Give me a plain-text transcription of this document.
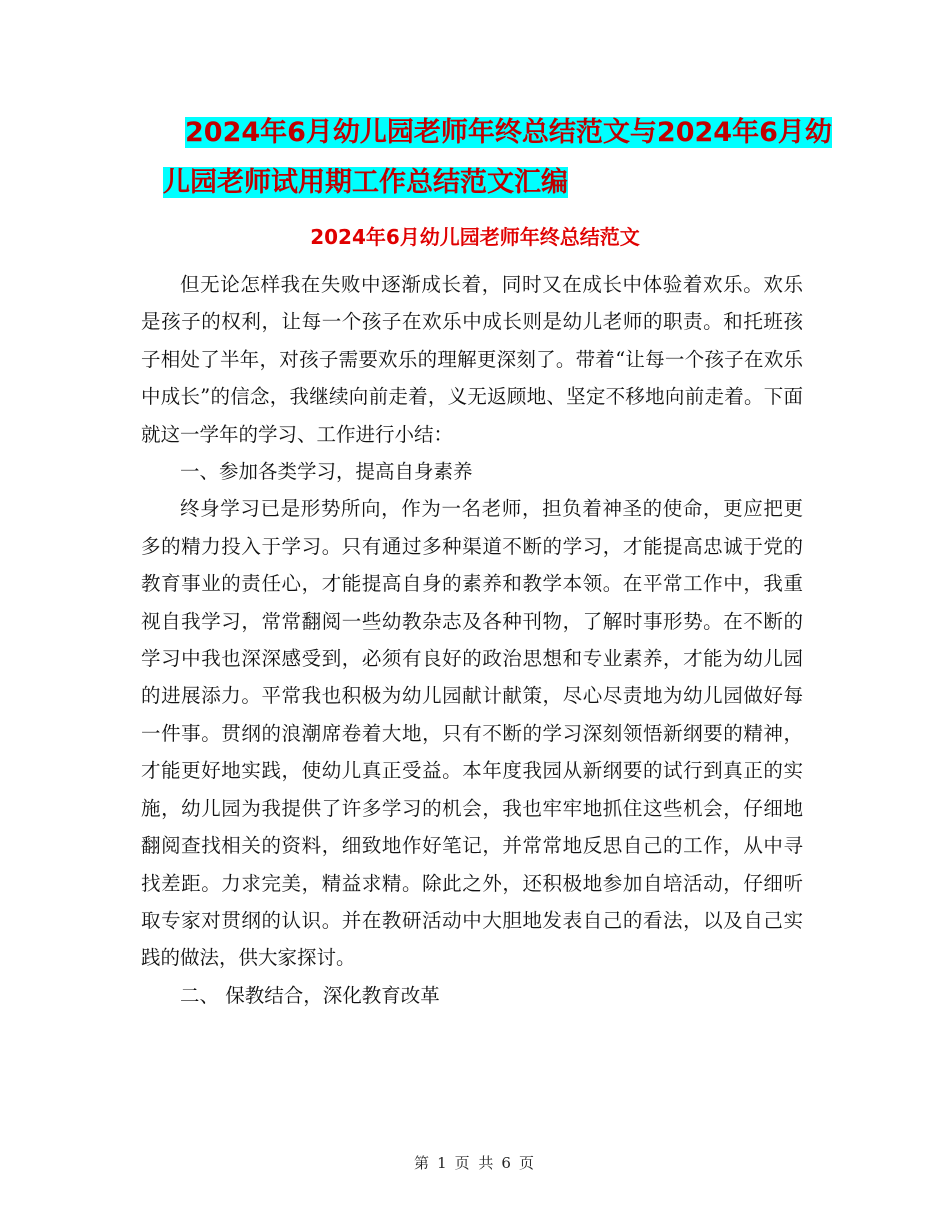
2024年6月幼儿园老师年终总结范文与2024年6月幼
儿园老师试用期工作总结范文汇编
2024年6月幼儿园老师年终总结范文

但无论怎样我在失败中逐渐成长着，同时又在成长中体验着欢乐。欢乐是孩子的权利，让每一个孩子在欢乐中成长则是幼儿老师的职责。和托班孩子相处了半年，对孩子需要欢乐的理解更深刻了。带着“让每一个孩子在欢乐中成长”的信念，我继续向前走着，义无返顾地、坚定不移地向前走着。下面就这一学年的学习、工作进行小结：

一、参加各类学习，提高自身素养

终身学习已是形势所向，作为一名老师，担负着神圣的使命，更应把更多的精力投入于学习。只有通过多种渠道不断的学习，才能提高忠诚于党的教育事业的责任心，才能提高自身的素养和教学本领。在平常工作中，我重视自我学习，常常翻阅一些幼教杂志及各种刊物，了解时事形势。在不断的学习中我也深深感受到，必须有良好的政治思想和专业素养，才能为幼儿园的进展添力。平常我也积极为幼儿园献计献策，尽心尽责地为幼儿园做好每一件事。贯纲的浪潮席卷着大地，只有不断的学习深刻领悟新纲要的精神，才能更好地实践，使幼儿真正受益。本年度我园从新纲要的试行到真正的实施，幼儿园为我提供了许多学习的机会，我也牢牢地抓住这些机会，仔细地翻阅查找相关的资料，细致地作好笔记，并常常地反思自己的工作，从中寻找差距。力求完美，精益求精。除此之外，还积极地参加自培活动，仔细听取专家对贯纲的认识。并在教研活动中大胆地发表自己的看法，以及自己实践的做法，供大家探讨。

二、 保教结合，深化教育改革

第 1 页 共 6 页
